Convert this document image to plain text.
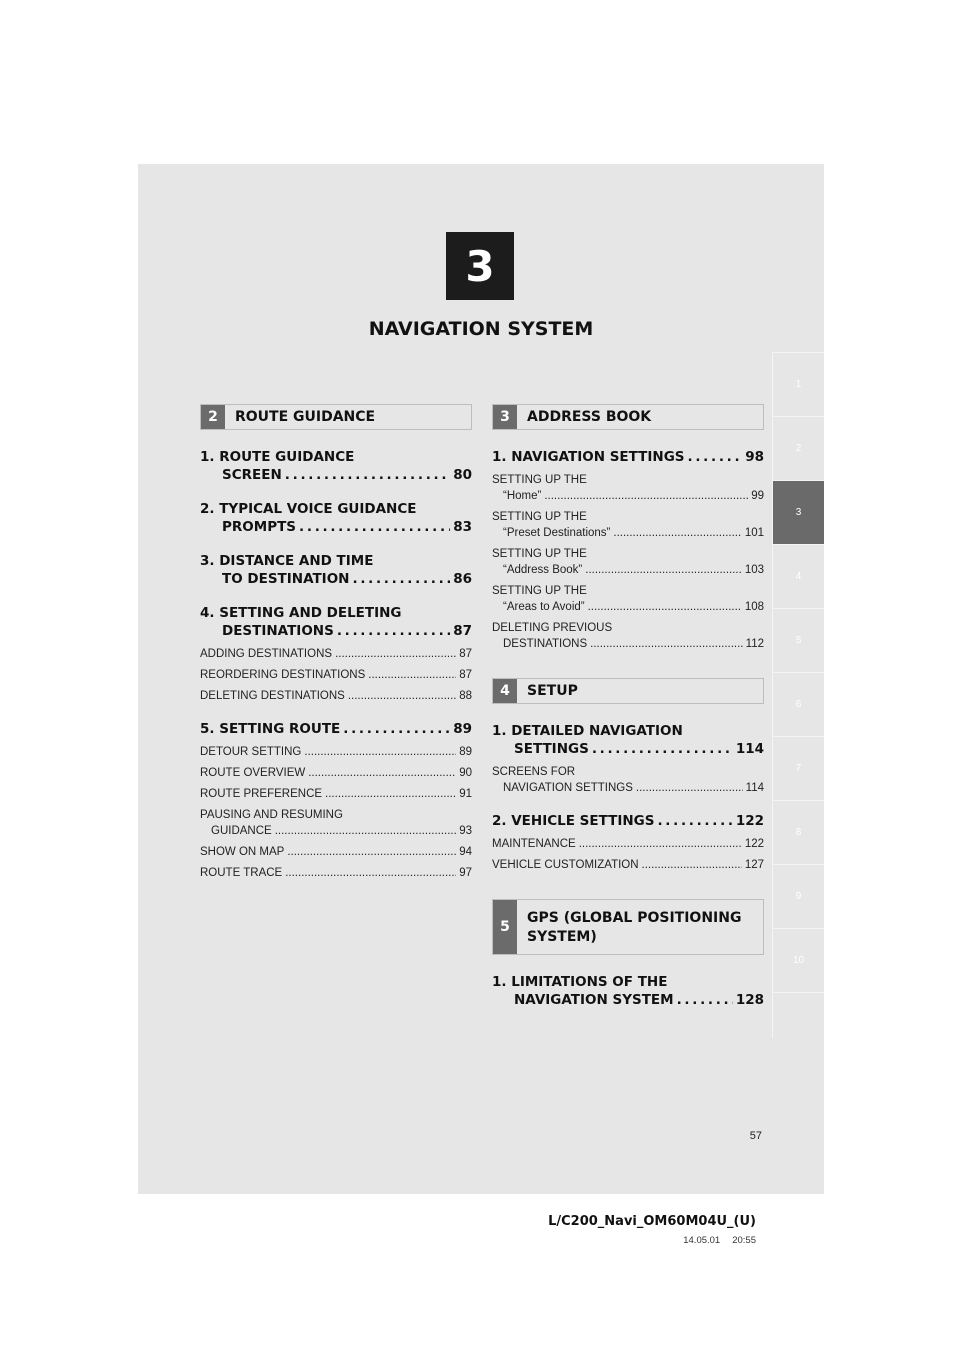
3
NAVIGATION SYSTEM
1
2
3
4
5
6
7
8
9
10
2	ROUTE GUIDANCE
1. ROUTE GUIDANCE
SCREEN . . .	80
2. TYPICAL VOICE GUIDANCE
PROMPTS . . .	83
3. DISTANCE AND TIME
TO DESTINATION . . .	86
4. SETTING AND DELETING
DESTINATIONS . . .	87
ADDING DESTINATIONS .....	87
REORDERING DESTINATIONS .....	87
DELETING DESTINATIONS .....	88
5. SETTING ROUTE . . .	89
DETOUR SETTING .....	89
ROUTE OVERVIEW .....	90
ROUTE PREFERENCE .....	91
PAUSING AND RESUMING
GUIDANCE .....	93
SHOW ON MAP .....	94
ROUTE TRACE .....	97
3	ADDRESS BOOK
1. NAVIGATION SETTINGS . . .	98
SETTING UP THE
“Home” .....	99
SETTING UP THE
“Preset Destinations” .....	101
SETTING UP THE
“Address Book” .....	103
SETTING UP THE
“Areas to Avoid” .....	108
DELETING PREVIOUS
DESTINATIONS .....	112
4	SETUP
1. DETAILED NAVIGATION
SETTINGS . . .	114
SCREENS FOR
NAVIGATION SETTINGS .....	114
2. VEHICLE SETTINGS . . .	122
MAINTENANCE .....	122
VEHICLE CUSTOMIZATION .....	127
5
GPS (GLOBAL POSITIONING SYSTEM)
1. LIMITATIONS OF THE
NAVIGATION SYSTEM . . .	128
57
L/C200_Navi_OM60M04U_(U)
14.05.01 20:55
